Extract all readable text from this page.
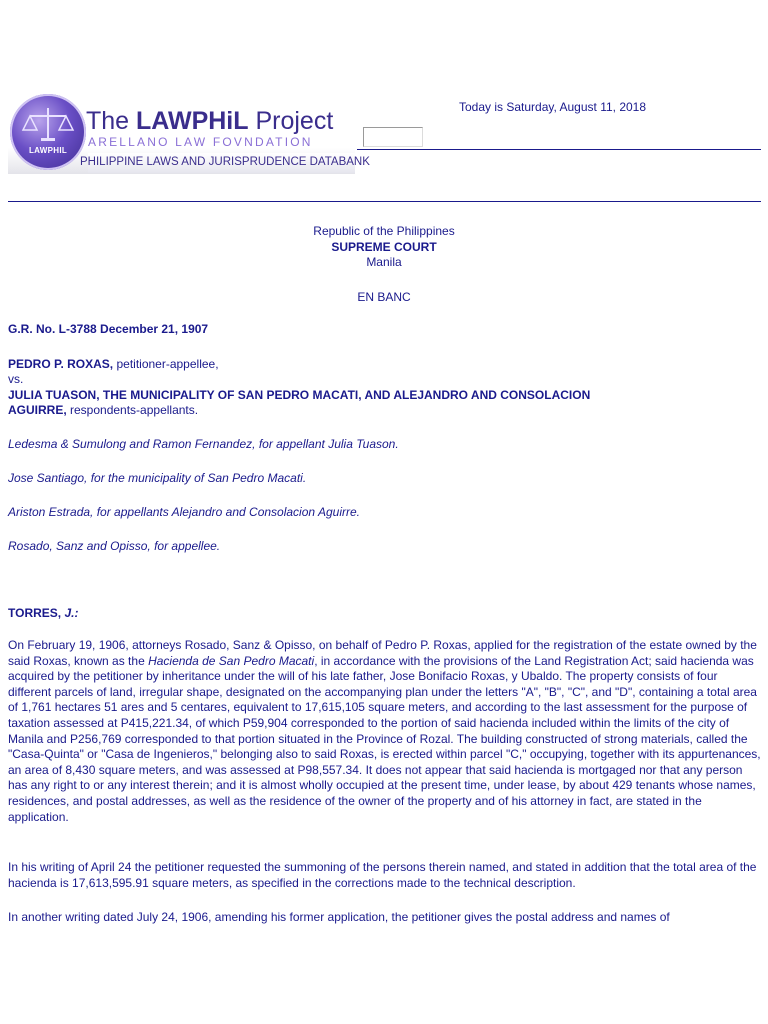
LAWPHIL
The LAWPHiL Project
ARELLANO LAW FOVNDATION
PHILIPPINE LAWS AND JURISPRUDENCE DATABANK
Today is Saturday, August 11, 2018
Republic of the Philippines
SUPREME COURT
Manila
EN BANC
G.R. No. L-3788 December 21, 1907
PEDRO P. ROXAS, petitioner-appellee,
vs.
JULIA TUASON, THE MUNICIPALITY OF SAN PEDRO MACATI, AND ALEJANDRO AND CONSOLACION
AGUIRRE, respondents-appellants.
Ledesma & Sumulong and Ramon Fernandez, for appellant Julia Tuason.
Jose Santiago, for the municipality of San Pedro Macati.
Ariston Estrada, for appellants Alejandro and Consolacion Aguirre.
Rosado, Sanz and Opisso, for appellee.
TORRES, J.:
On February 19, 1906, attorneys Rosado, Sanz & Opisso, on behalf of Pedro P. Roxas, applied for the registration of the estate owned by the said Roxas, known as the Hacienda de San Pedro Macati, in accordance with the provisions of the Land Registration Act; said hacienda was acquired by the petitioner by inheritance under the will of his late father, Jose Bonifacio Roxas, y Ubaldo. The property consists of four different parcels of land, irregular shape, designated on the accompanying plan under the letters "A", "B", "C", and "D", containing a total area of 1,761 hectares 51 ares and 5 centares, equivalent to 17,615,105 square meters, and according to the last assessment for the purpose of taxation assessed at P415,221.34, of which P59,904 corresponded to the portion of said hacienda included within the limits of the city of Manila and P256,769 corresponded to that portion situated in the Province of Rozal. The building constructed of strong materials, called the "Casa-Quinta" or "Casa de Ingenieros," belonging also to said Roxas, is erected within parcel "C," occupying, together with its appurtenances, an area of 8,430 square meters, and was assessed at P98,557.34. It does not appear that said hacienda is mortgaged nor that any person has any right to or any interest therein; and it is almost wholly occupied at the present time, under lease, by about 429 tenants whose names, residences, and postal addresses, as well as the residence of the owner of the property and of his attorney in fact, are stated in the application.
In his writing of April 24 the petitioner requested the summoning of the persons therein named, and stated in addition that the total area of the hacienda is 17,613,595.91 square meters, as specified in the corrections made to the technical description.
In another writing dated July 24, 1906, amending his former application, the petitioner gives the postal address and names of
